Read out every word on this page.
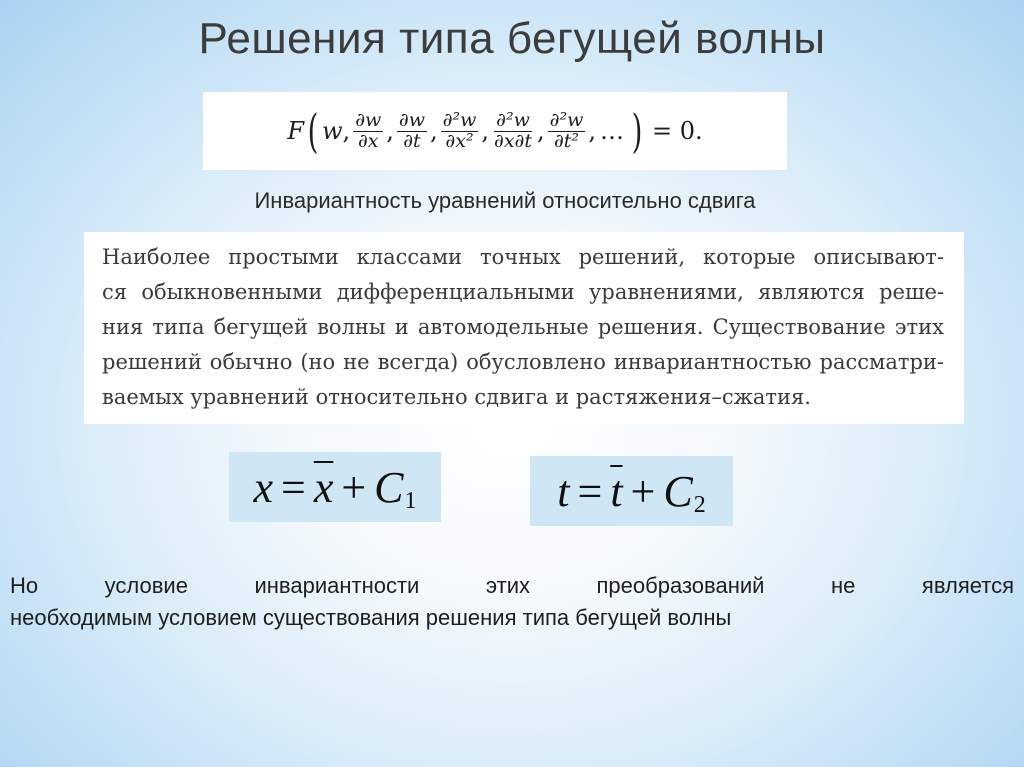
Решения типа бегущей волны
F ( w , $\frac{\partial w}{\partial x}$ , $\frac{\partial w}{\partial t}$ , $\frac{\text{∂²w}}{\text{∂x²}}$ , $\frac{\text{∂²w}}{\partial x\partial t}$ , $\frac{\text{∂²w}}{\text{∂t²}}$ , … ) = 0.
Инвариантность уравнений относительно сдвига
Наиболее простыми классами точных решений, которые описывают-
ся обыкновенными дифференциальными уравнениями, являются реше-
ния типа бегущей волны и автомодельные решения. Существование этих
решений обычно (но не всегда) обусловлено инвариантностью рассматри-
ваемых уравнений относительно сдвига и растяжения–сжатия.
$x = \overline{x} + C$ 1	$t = \overline{t} + C$ 2
Но условие инвариантности этих преобразований не является
необходимым условием существования решения типа бегущей волны
